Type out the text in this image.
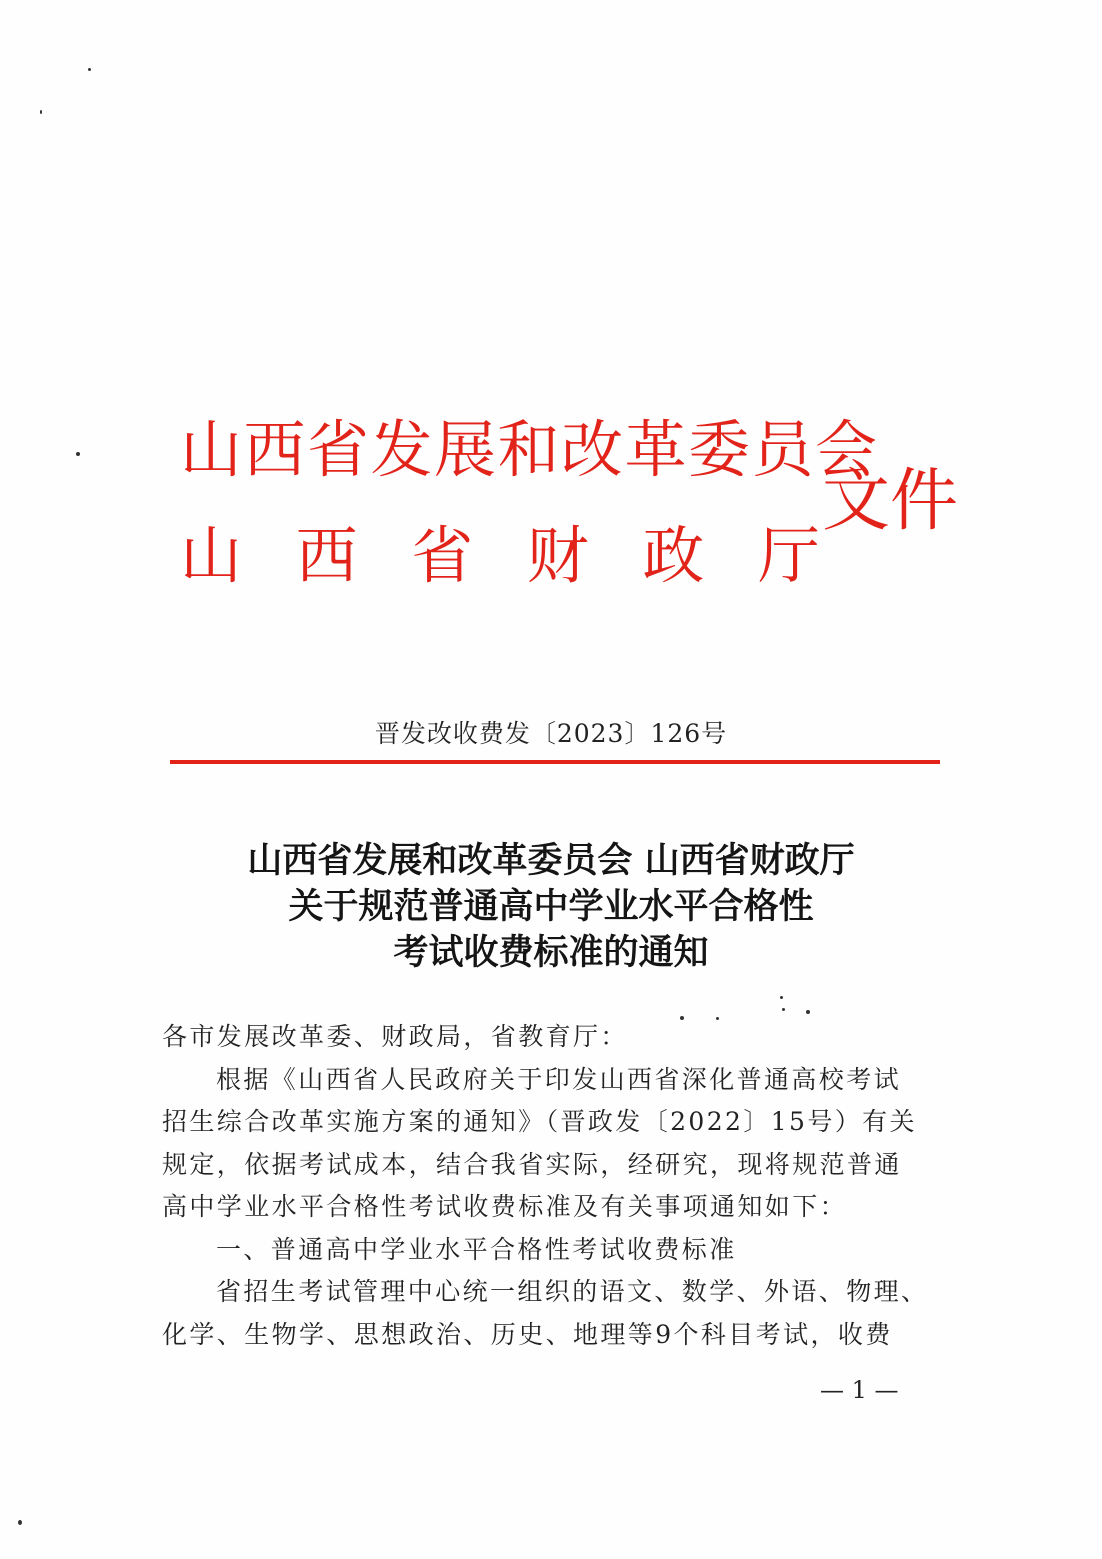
山西省发展和改革委员会
山 西 省 财 政 厅
文件
晋发改收费发〔2023〕126号
山西省发展和改革委员会 山西省财政厅
关于规范普通高中学业水平合格性
考试收费标准的通知
各市发展改革委、财政局，省教育厅：
根据《山西省人民政府关于印发山西省深化普通高校考试
招生综合改革实施方案的通知》（晋政发〔2022〕15号）有关
规定，依据考试成本，结合我省实际，经研究，现将规范普通
高中学业水平合格性考试收费标准及有关事项通知如下：
一、普通高中学业水平合格性考试收费标准
省招生考试管理中心统一组织的语文、数学、外语、物理、
化学、生物学、思想政治、历史、地理等9个科目考试，收费
— 1 —
